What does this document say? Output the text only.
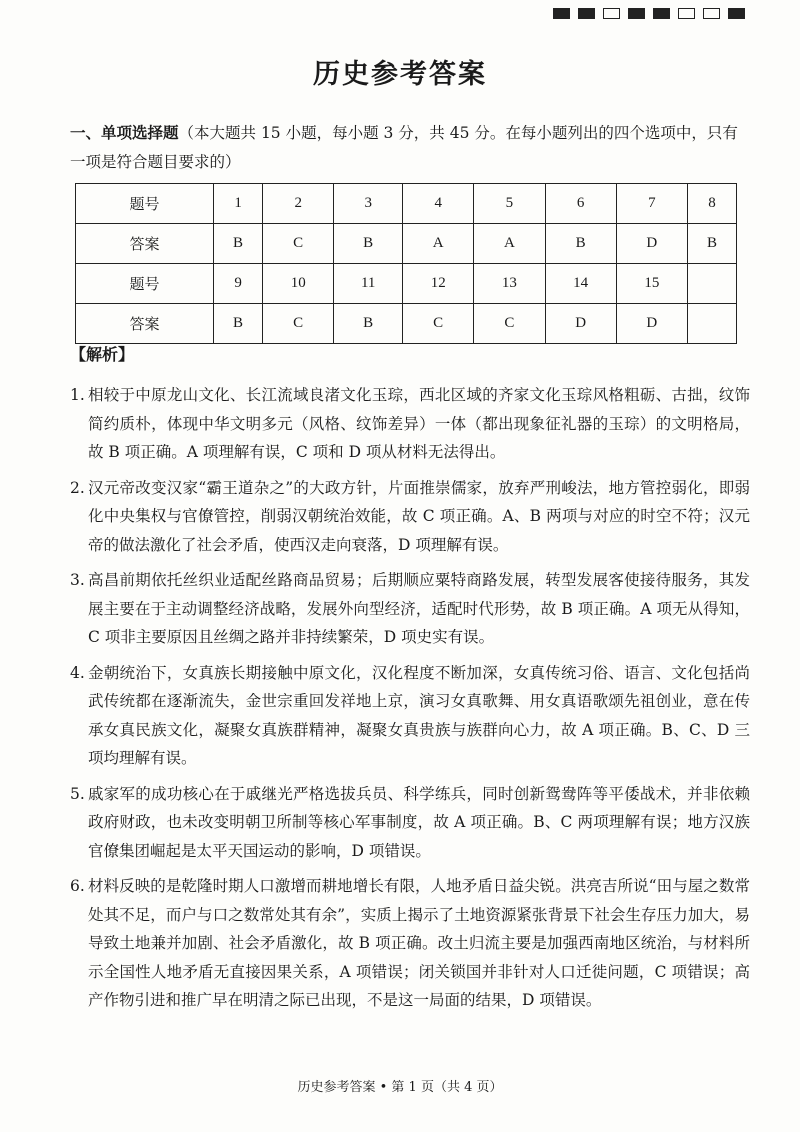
历史参考答案
一、单项选择题（本大题共 15 小题，每小题 3 分，共 45 分。在每小题列出的四个选项中，只有一项是符合题目要求的）
题号	1	2	3	4	5	6	7	8
答案	B	C	B	A	A	B	D	B
题号	9	10	11	12	13	14	15	
答案	B	C	B	C	C	D	D	
【解析】
1. 相较于中原龙山文化、长江流域良渚文化玉琮，西北区域的齐家文化玉琮风格粗砺、古拙，纹饰简约质朴，体现中华文明多元（风格、纹饰差异）一体（都出现象征礼器的玉琮）的文明格局，故 B 项正确。A 项理解有误，C 项和 D 项从材料无法得出。
2. 汉元帝改变汉家“霸王道杂之”的大政方针，片面推崇儒家，放弃严刑峻法，地方管控弱化，即弱化中央集权与官僚管控，削弱汉朝统治效能，故 C 项正确。A、B 两项与对应的时空不符；汉元帝的做法激化了社会矛盾，使西汉走向衰落，D 项理解有误。
3. 高昌前期依托丝织业适配丝路商品贸易；后期顺应粟特商路发展，转型发展客使接待服务，其发展主要在于主动调整经济战略，发展外向型经济，适配时代形势，故 B 项正确。A 项无从得知，C 项非主要原因且丝绸之路并非持续繁荣，D 项史实有误。
4. 金朝统治下，女真族长期接触中原文化，汉化程度不断加深，女真传统习俗、语言、文化包括尚武传统都在逐渐流失，金世宗重回发祥地上京，演习女真歌舞、用女真语歌颂先祖创业，意在传承女真民族文化，凝聚女真族群精神，凝聚女真贵族与族群向心力，故 A 项正确。B、C、D 三项均理解有误。
5. 戚家军的成功核心在于戚继光严格选拔兵员、科学练兵，同时创新鸳鸯阵等平倭战术，并非依赖政府财政，也未改变明朝卫所制等核心军事制度，故 A 项正确。B、C 两项理解有误；地方汉族官僚集团崛起是太平天国运动的影响，D 项错误。
6. 材料反映的是乾隆时期人口激增而耕地增长有限，人地矛盾日益尖锐。洪亮吉所说“田与屋之数常处其不足，而户与口之数常处其有余”，实质上揭示了土地资源紧张背景下社会生存压力加大，易导致土地兼并加剧、社会矛盾激化，故 B 项正确。改土归流主要是加强西南地区统治，与材料所示全国性人地矛盾无直接因果关系，A 项错误；闭关锁国并非针对人口迁徙问题，C 项错误；高产作物引进和推广早在明清之际已出现，不是这一局面的结果，D 项错误。
历史参考答案 • 第 1 页（共 4 页）
